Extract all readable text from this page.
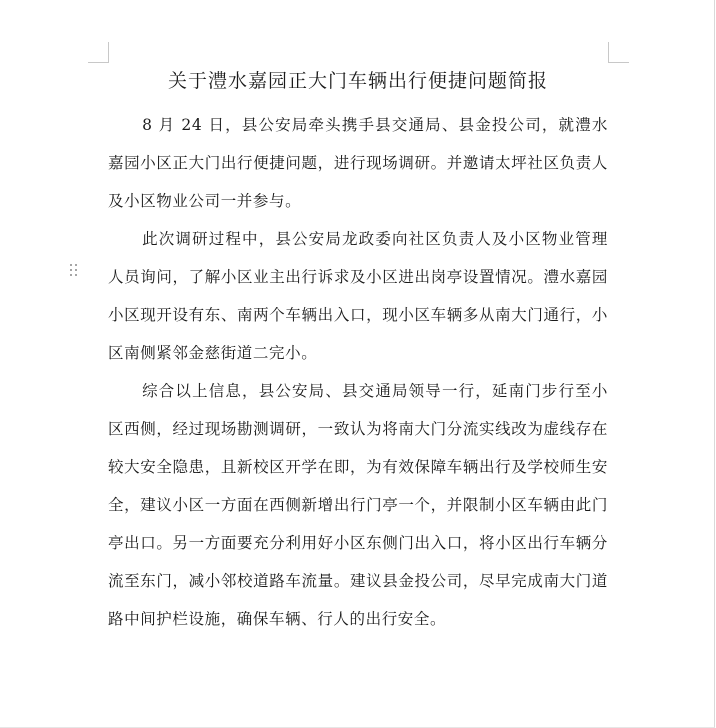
关于澧水嘉园正大门车辆出行便捷问题简报

8 月 24 日，县公安局牵头携手县交通局、县金投公司，就澧水嘉园小区正大门出行便捷问题，进行现场调研。并邀请太坪社区负责人及小区物业公司一并参与。

此次调研过程中，县公安局龙政委向社区负责人及小区物业管理人员询问，了解小区业主出行诉求及小区进出岗亭设置情况。澧水嘉园小区现开设有东、南两个车辆出入口，现小区车辆多从南大门通行，小区南侧紧邻金慈街道二完小。

综合以上信息，县公安局、县交通局领导一行，延南门步行至小区西侧，经过现场勘测调研，一致认为将南大门分流实线改为虚线存在较大安全隐患，且新校区开学在即，为有效保障车辆出行及学校师生安全，建议小区一方面在西侧新增出行门亭一个，并限制小区车辆由此门亭出口。另一方面要充分利用好小区东侧门出入口，将小区出行车辆分流至东门，减小邻校道路车流量。建议县金投公司，尽早完成南大门道路中间护栏设施，确保车辆、行人的出行安全。
